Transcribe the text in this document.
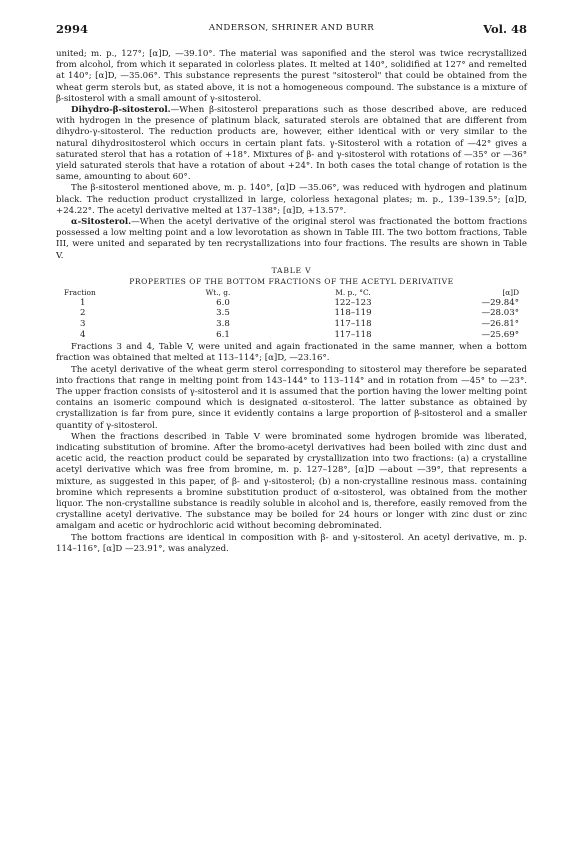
2994	ANDERSON, SHRINER AND BURR	Vol. 48

united; m. p., 127°; [α]D, —39.10°. The material was saponified and the sterol was twice recrystallized from alcohol, from which it separated in colorless plates. It melted at 140°, solidified at 127° and remelted at 140°; [α]D, —35.06°. This substance represents the purest "sitosterol" that could be obtained from the wheat germ sterols but, as stated above, it is not a homogeneous compound. The substance is a mixture of β-sitosterol with a small amount of γ-sitosterol.

Dihydro-β-sitosterol.—When β-sitosterol preparations such as those described above, are reduced with hydrogen in the presence of platinum black, saturated sterols are obtained that are different from dihydro-γ-sitosterol. The reduction products are, however, either identical with or very similar to the natural dihydrositosterol which occurs in certain plant fats. γ-Sitosterol with a rotation of —42° gives a saturated sterol that has a rotation of +18°. Mixtures of β- and γ-sitosterol with rotations of —35° or —36° yield saturated sterols that have a rotation of about +24°. In both cases the total change of rotation is the same, amounting to about 60°.

The β-sitosterol mentioned above, m. p. 140°, [α]D —35.06°, was reduced with hydrogen and platinum black. The reduction product crystallized in large, colorless hexagonal plates; m. p., 139–139.5°; [α]D, +24.22°. The acetyl derivative melted at 137–138°; [α]D, +13.57°.

α-Sitosterol.—When the acetyl derivative of the original sterol was fractionated the bottom fractions possessed a low melting point and a low levorotation as shown in Table III. The two bottom fractions, Table III, were united and separated by ten recrystallizations into four fractions. The results are shown in Table V.

TABLE V
PROPERTIES OF THE BOTTOM FRACTIONS OF THE ACETYL DERIVATIVE
Fraction	Wt., g.	M. p., °C.	[α]D
1	6.0	122–123	—29.84°
2	3.5	118–119	—28.03°
3	3.8	117–118	—26.81°
4	6.1	117–118	—25.69°

Fractions 3 and 4, Table V, were united and again fractionated in the same manner, when a bottom fraction was obtained that melted at 113–114°; [α]D, —23.16°.

The acetyl derivative of the wheat germ sterol corresponding to sitosterol may therefore be separated into fractions that range in melting point from 143–144° to 113–114° and in rotation from —45° to —23°. The upper fraction consists of γ-sitosterol and it is assumed that the portion having the lower melting point contains an isomeric compound which is designated α-sitosterol. The latter substance as obtained by crystallization is far from pure, since it evidently contains a large proportion of β-sitosterol and a smaller quantity of γ-sitosterol.

When the fractions described in Table V were brominated some hydrogen bromide was liberated, indicating substitution of bromine. After the bromo-acetyl derivatives had been boiled with zinc dust and acetic acid, the reaction product could be separated by crystallization into two fractions: (a) a crystalline acetyl derivative which was free from bromine, m. p. 127–128°, [α]D —about —39°, that represents a mixture, as suggested in this paper, of β- and γ-sitosterol; (b) a non-crystalline resinous mass. containing bromine which represents a bromine substitution product of α-sitosterol, was obtained from the mother liquor. The non-crystalline substance is readily soluble in alcohol and is, therefore, easily removed from the crystalline acetyl derivative. The substance may be boiled for 24 hours or longer with zinc dust or zinc amalgam and acetic or hydrochloric acid without becoming debrominated.

The bottom fractions are identical in composition with β- and γ-sitosterol. An acetyl derivative, m. p. 114–116°, [α]D —23.91°, was analyzed.
